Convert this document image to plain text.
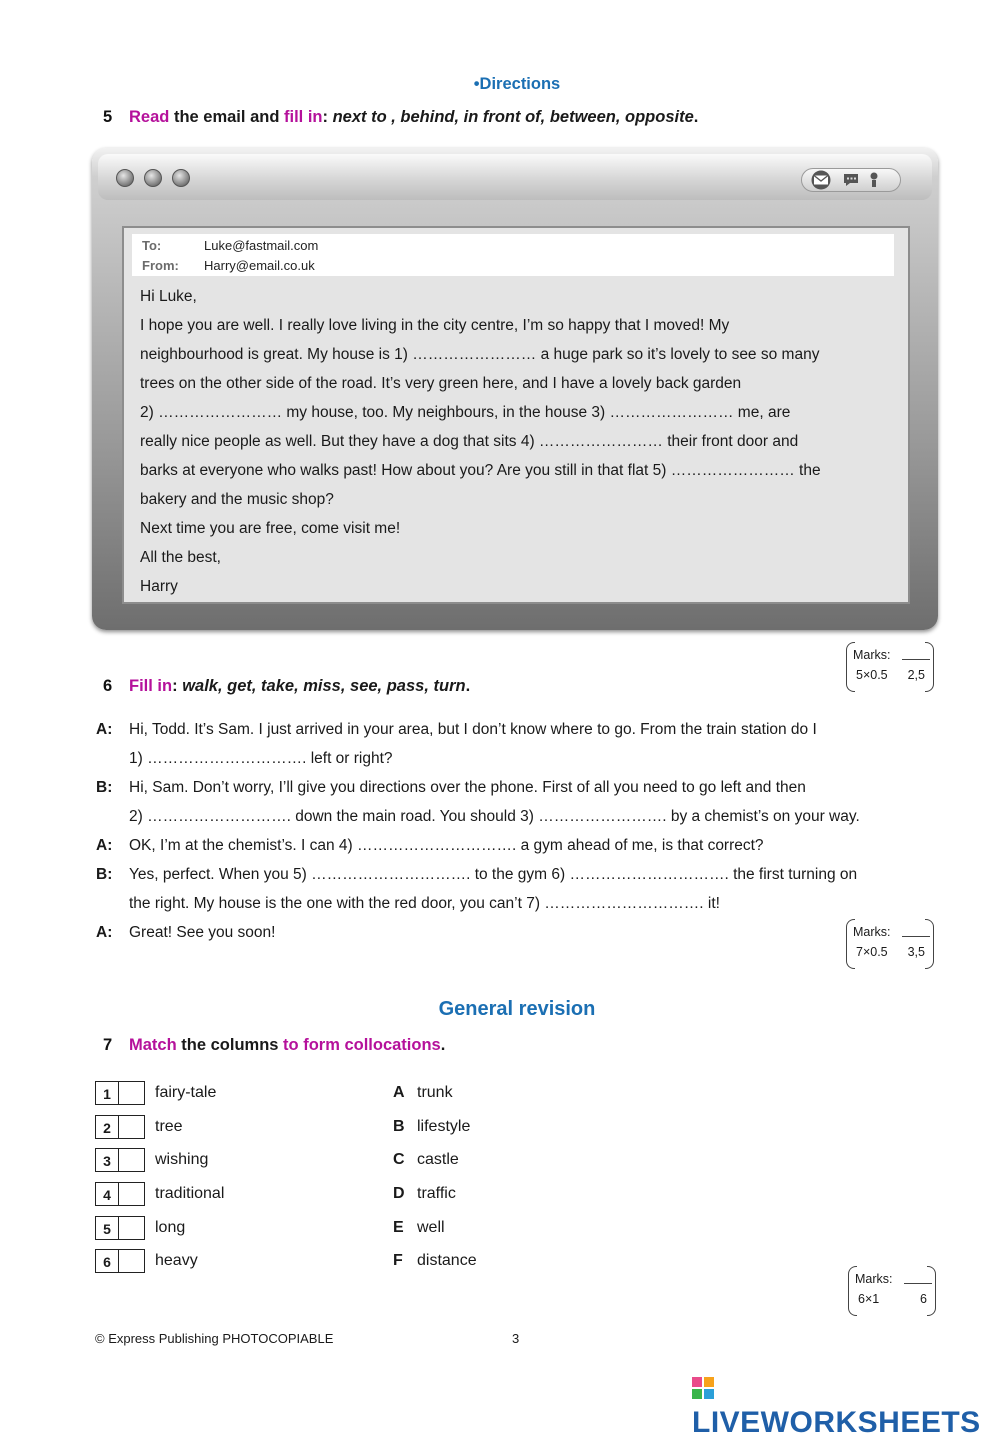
•Directions
5 Read the email and fill in: next to , behind, in front of, between, opposite.
To:	Luke@fastmail.com
From: Harry@email.co.uk

Hi Luke,

I hope you are well. I really love living in the city centre, I’m so happy that I moved! My

neighbourhood is great. My house is 1) …………………… a huge park so it’s lovely to see so many

trees on the other side of the road. It’s very green here, and I have a lovely back garden

2) …………………… my house, too. My neighbours, in the house 3) …………………… me, are

really nice people as well. But they have a dog that sits 4) …………………… their front door and

barks at everyone who walks past! How about you? Are you still in that flat 5) …………………… the

bakery and the music shop?

Next time you are free, come visit me!

All the best,

Harry

Marks:
5×0.5 2,5
6 Fill in: walk, get, take, miss, see, pass, turn.
A: Hi, Todd. It’s Sam. I just arrived in your area, but I don’t know where to go. From the train station do I
1) …………………………. left or right?
B: Hi, Sam. Don’t worry, I’ll give you directions over the phone. First of all you need to go left and then
2) ………………………. down the main road. You should 3) ……………………. by a chemist’s on your way.
A: OK, I’m at the chemist’s. I can 4) …………………………. a gym ahead of me, is that correct?
B: Yes, perfect. When you 5) …………………………. to the gym 6) …………………………. the first turning on
the right. My house is the one with the red door, you can’t 7) …………………………. it!
A: Great! See you soon!	Marks:
7×0.5 3,5
General revision
7 Match the columns to form collocations.
1	fairy-tale	A trunk
2	tree	B lifestyle
3	wishing	C castle
4	traditional	D traffic
5	long	E well
6	heavy	F distance
Marks:
6×1	6
© Express Publishing PHOTOCOPIABLE	3
LIVEWORKSHEETS
